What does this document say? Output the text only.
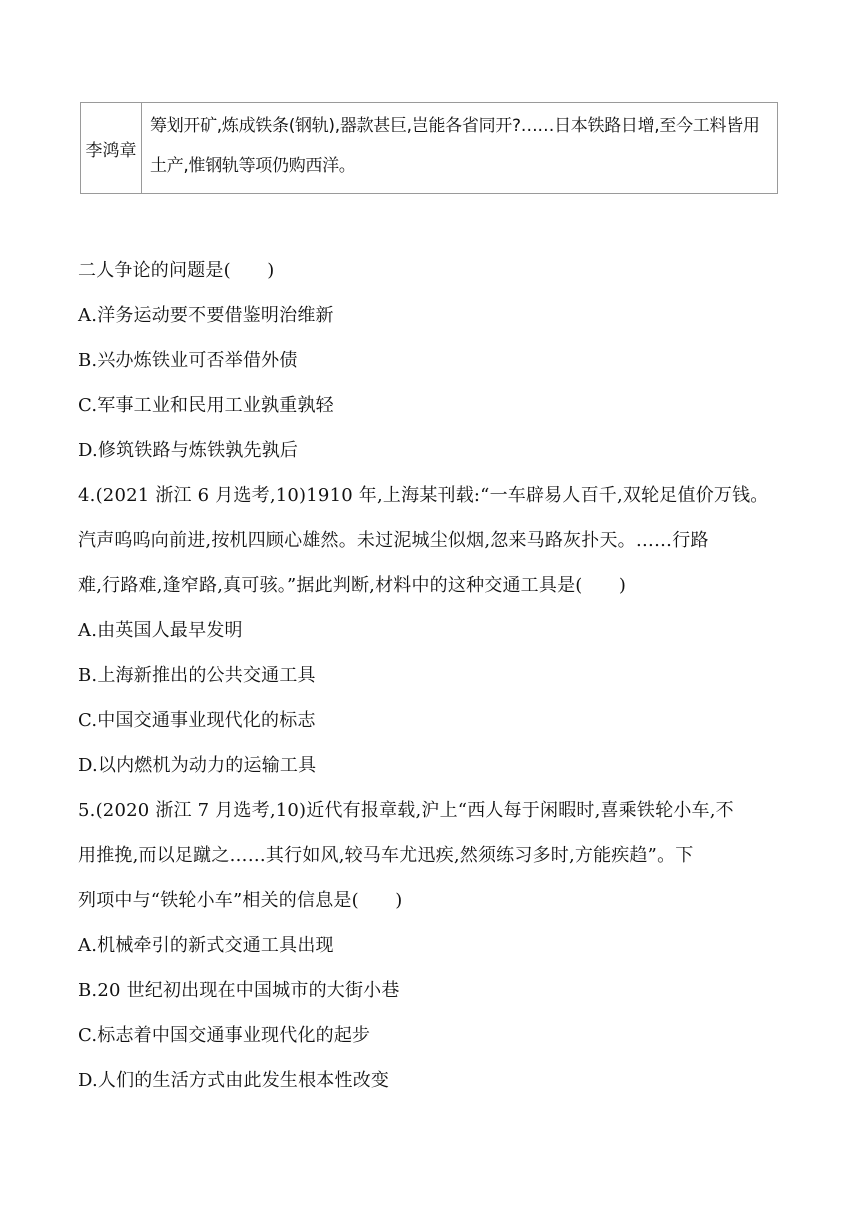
李鸿章
筹划开矿,炼成铁条(钢轨),器款甚巨,岂能各省同开?……日本铁路日增,至今工料皆用土产,惟钢轨等项仍购西洋。
二人争论的问题是(　　)
A.洋务运动要不要借鉴明治维新
B.兴办炼铁业可否举借外债
C.军事工业和民用工业孰重孰轻
D.修筑铁路与炼铁孰先孰后
4.(2021 浙江 6 月选考,10)1910 年,上海某刊载:“一车辟易人百千,双轮足值价万钱。
汽声呜呜向前进,按机四顾心雄然。未过泥城尘似烟,忽来马路灰扑天。……行路
难,行路难,逢窄路,真可骇。”据此判断,材料中的这种交通工具是(　　)
A.由英国人最早发明
B.上海新推出的公共交通工具
C.中国交通事业现代化的标志
D.以内燃机为动力的运输工具
5.(2020 浙江 7 月选考,10)近代有报章载,沪上“西人每于闲暇时,喜乘铁轮小车,不
用推挽,而以足蹴之……其行如风,较马车尤迅疾,然须练习多时,方能疾趋”。下
列项中与“铁轮小车”相关的信息是(　　)
A.机械牵引的新式交通工具出现
B.20 世纪初出现在中国城市的大街小巷
C.标志着中国交通事业现代化的起步
D.人们的生活方式由此发生根本性改变
